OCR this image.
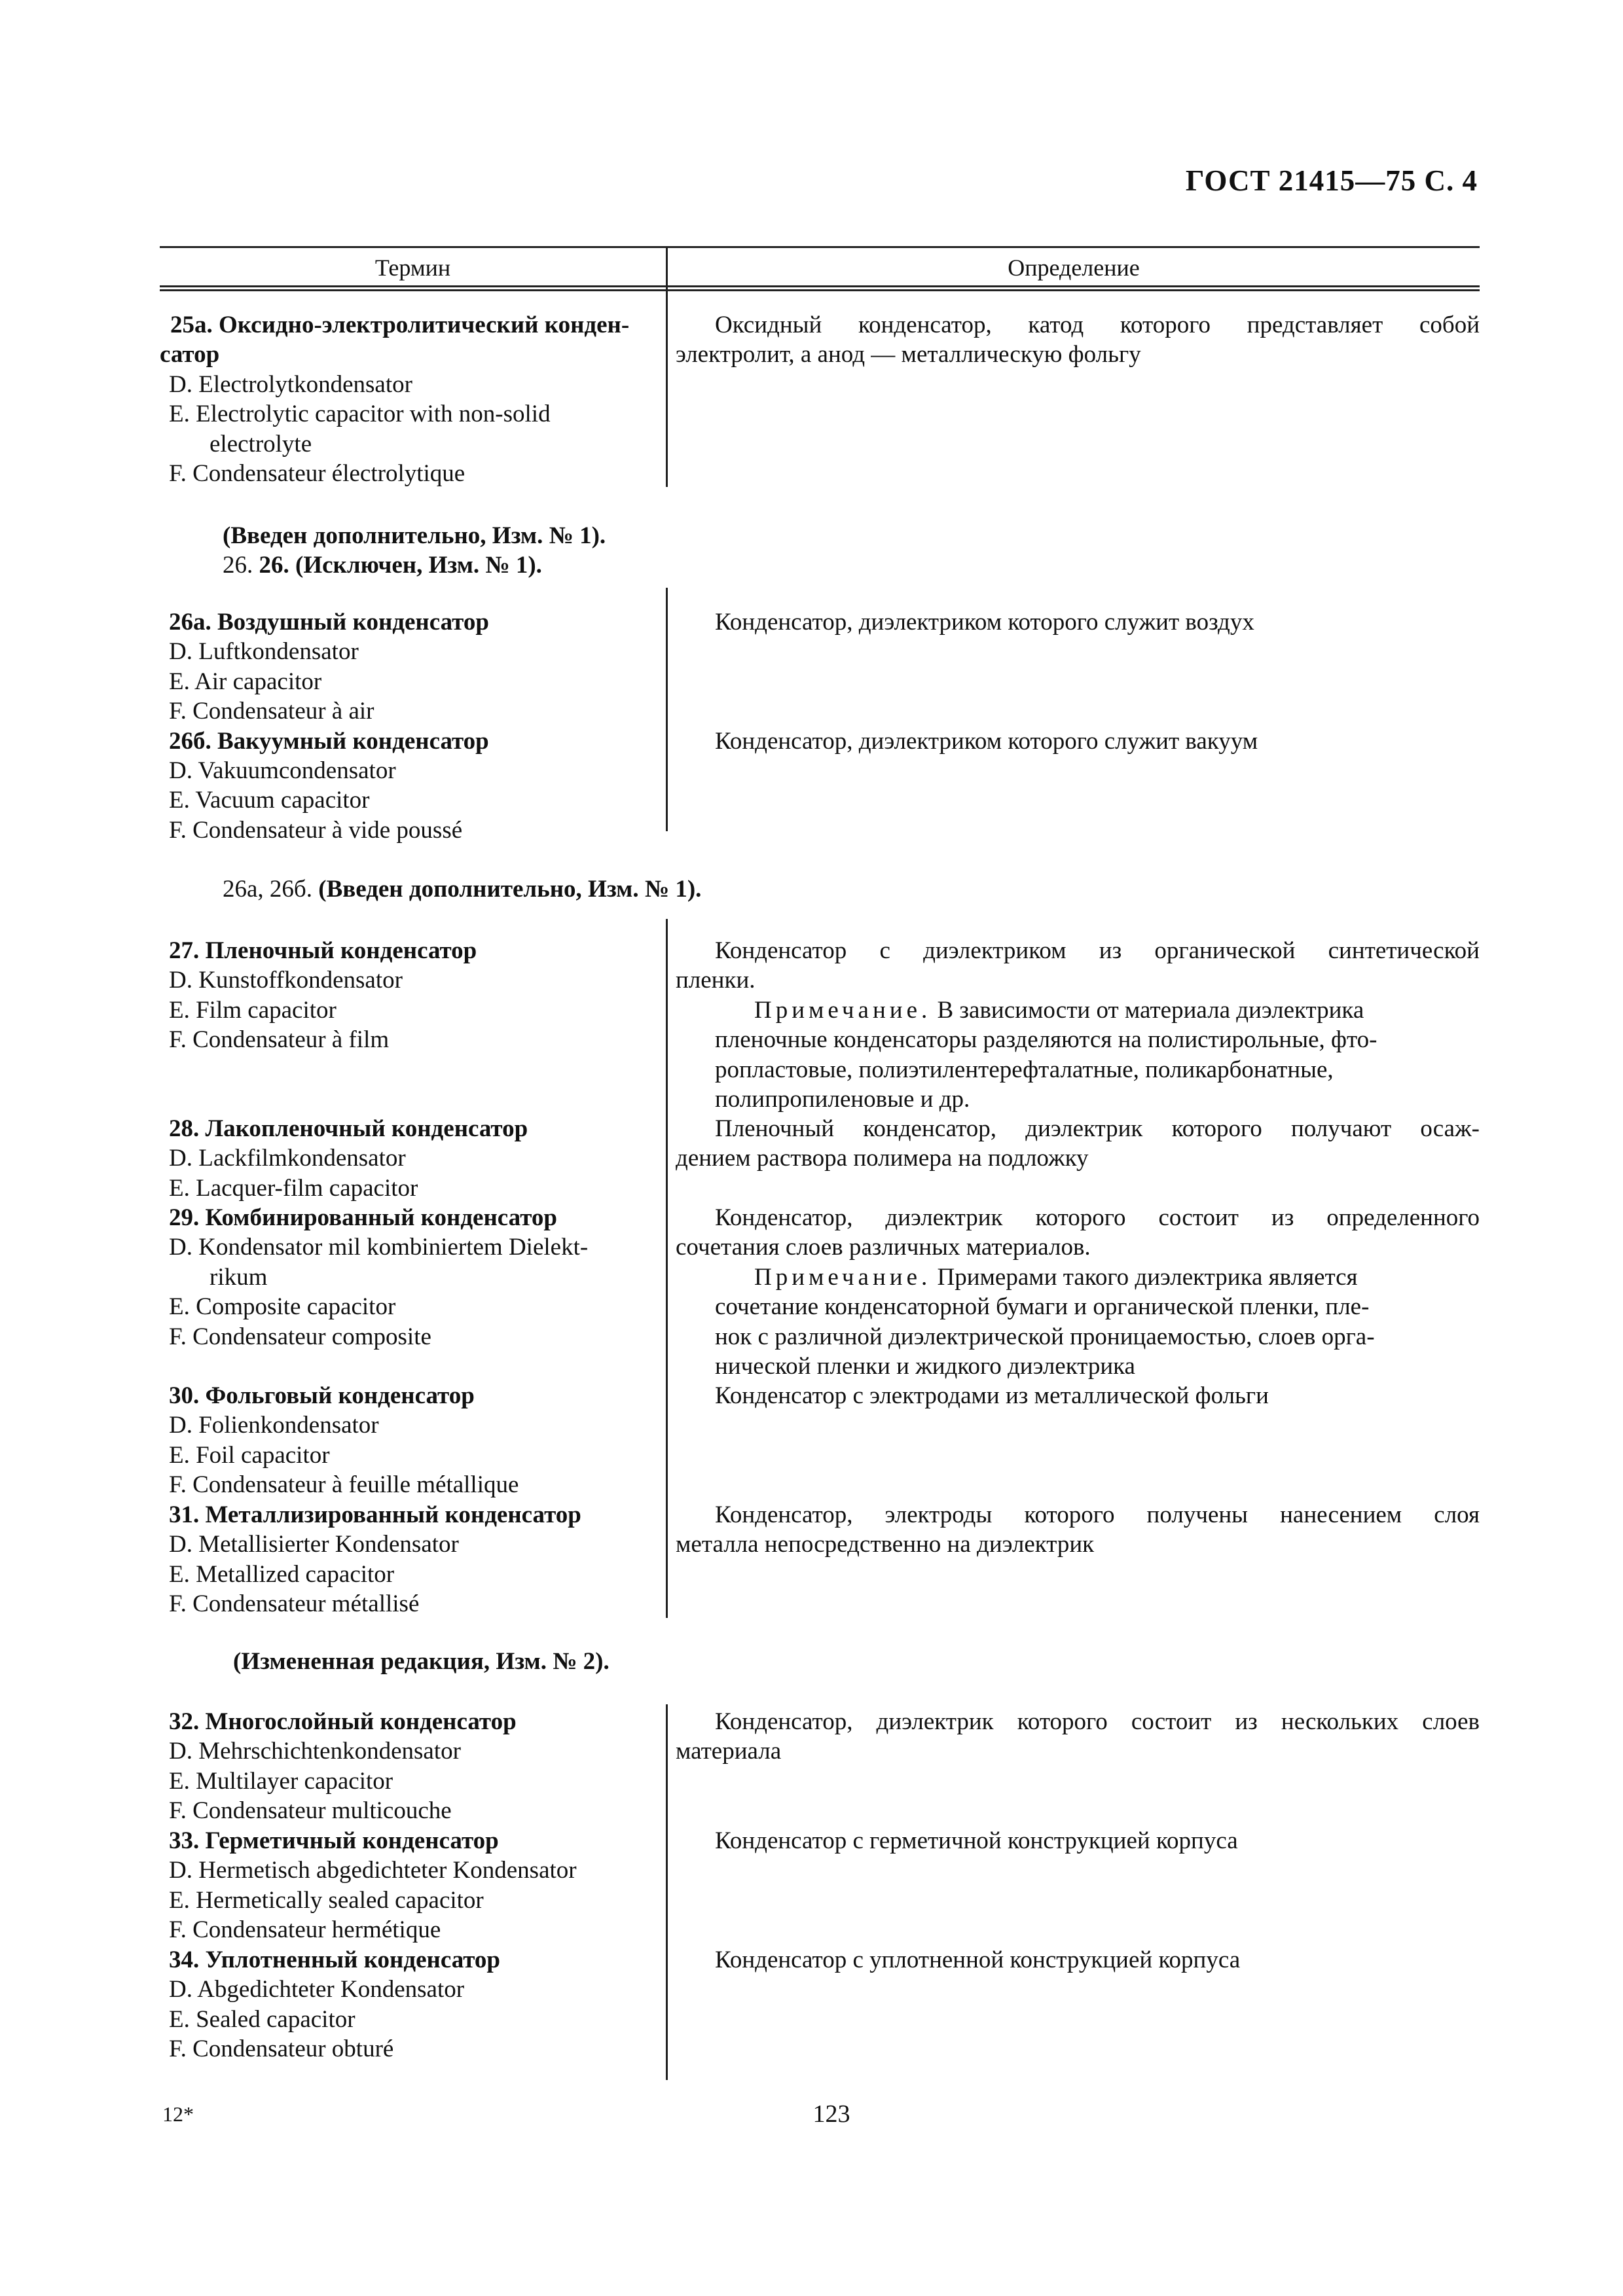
ГОСТ 21415—75 С. 4
Термин	Определение
25а. Оксидно-электролитический конден-
сатор
D. Electrolytkondensator
E. Electrolytic capacitor with non-solid
electrolyte
F. Condensateur électrolytique
Оксидный конденсатор, катод которого представляет собой
электролит, а анод — металлическую фольгу
(Введен дополнительно, Изм. № 1).
26. 26. (Исключен, Изм. № 1).
26а. Воздушный конденсатор
D. Luftkondensator
E. Air capacitor
F. Condensateur à air
26б. Вакуумный конденсатор
D. Vakuumcondensator
E. Vacuum capacitor
F. Condensateur à vide poussé
Конденсатор, диэлектриком которого служит воздух
Конденсатор, диэлектриком которого служит вакуум
26а, 26б. (Введен дополнительно, Изм. № 1).
27. Пленочный конденсатор
D. Kunstoffkondensator
E. Film capacitor
F. Condensateur à film
Конденсатор с диэлектриком из органической синтетической
пленки.
Примечание. В зависимости от материала диэлектрика
пленочные конденсаторы разделяются на полистирольные, фто-
ропластовые, полиэтилентерефталатные, поликарбонатные,
полипропиленовые и др.
28. Лакопленочный конденсатор
D. Lackfilmkondensator
E. Lacquer-film capacitor
Пленочный конденсатор, диэлектрик которого получают осаж-
дением раствора полимера на подложку
29. Комбинированный конденсатор
D. Kondensator mil kombiniertem Dielekt-
rikum
E. Composite capacitor
F. Condensateur composite
Конденсатор, диэлектрик которого состоит из определенного
сочетания слоев различных материалов.
Примечание. Примерами такого диэлектрика является
сочетание конденсаторной бумаги и органической пленки, пле-
нок с различной диэлектрической проницаемостью, слоев орга-
нической пленки и жидкого диэлектрика
30. Фольговый конденсатор
D. Folienkondensator
E. Foil capacitor
F. Condensateur à feuille métallique
Конденсатор с электродами из металлической фольги
31. Металлизированный конденсатор
D. Metallisierter Kondensator
E. Metallized capacitor
F. Condensateur métallisé
Конденсатор, электроды которого получены нанесением слоя
металла непосредственно на диэлектрик
(Измененная редакция, Изм. № 2).
32. Многослойный конденсатор
D. Mehrschichtenkondensator
E. Multilayer capacitor
F. Condensateur multicouche
Конденсатор, диэлектрик которого состоит из нескольких слоев
материала
33. Герметичный конденсатор
D. Hermetisch abgedichteter Kondensator
E. Hermetically sealed capacitor
F. Condensateur hermétique
Конденсатор с герметичной конструкцией корпуса
34. Уплотненный конденсатор
D. Abgedichteter Kondensator
E. Sealed capacitor
F. Condensateur obturé
Конденсатор с уплотненной конструкцией корпуса
12*	123
